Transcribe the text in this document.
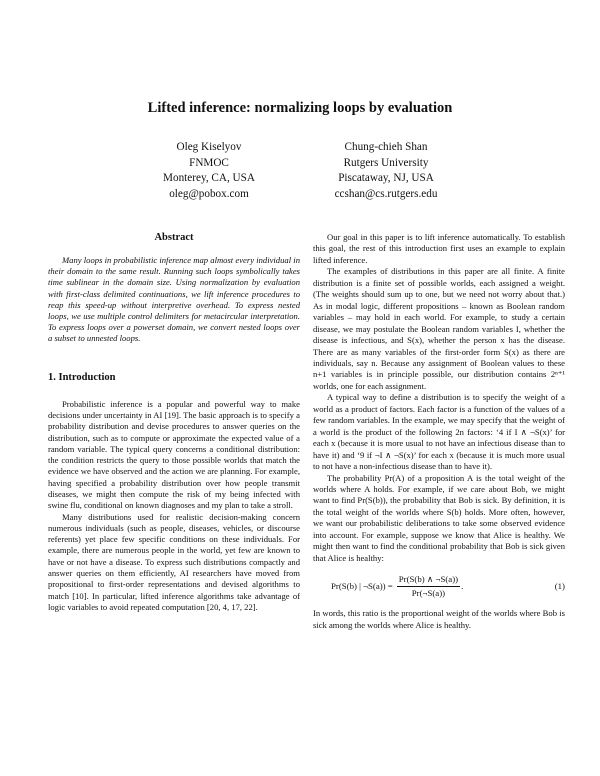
Lifted inference: normalizing loops by evaluation
Oleg Kiselyov
FNMOC
Monterey, CA, USA
oleg@pobox.com
Chung-chieh Shan
Rutgers University
Piscataway, NJ, USA
ccshan@cs.rutgers.edu
Abstract

Many loops in probabilistic inference map almost every individual in their domain to the same result. Running such loops symbolically takes time sublinear in the domain size. Using normalization by evaluation with first-class delimited continuations, we lift inference procedures to reap this speed-up without interpretive overhead. To express nested loops, we use multiple control delimiters for metacircular interpretation. To express loops over a powerset domain, we convert nested loops over a subset to unnested loops.

1. Introduction

Probabilistic inference is a popular and powerful way to make decisions under uncertainty in AI [19]. The basic approach is to specify a probability distribution and devise procedures to answer queries on the distribution, such as to compute or approximate the expected value of a random variable. The typical query concerns a conditional distribution: the condition restricts the query to those possible worlds that match the evidence we have observed and the action we are planning. For example, having specified a probability distribution over how people transmit diseases, we might then compute the risk of my being infected with swine flu, conditional on known diagnoses and my plan to take a stroll.

Many distributions used for realistic decision-making concern numerous individuals (such as people, diseases, vehicles, or discourse referents) yet place few specific conditions on these individuals. For example, there are numerous people in the world, yet few are known to have or not have a disease. To express such distributions compactly and answer queries on them efficiently, AI researchers have moved from propositional to first-order representations and devised algorithms to match [10]. In particular, lifted inference algorithms take advantage of logic variables to avoid repeated computation [20, 4, 17, 22].

Our goal in this paper is to lift inference automatically. To establish this goal, the rest of this introduction first uses an example to explain lifted inference.

The examples of distributions in this paper are all finite. A finite distribution is a finite set of possible worlds, each assigned a weight. (The weights should sum up to one, but we need not worry about that.) As in modal logic, different propositions – known as Boolean random variables – may hold in each world. For example, to study a certain disease, we may postulate the Boolean random variables I, whether the disease is infectious, and S(x), whether the person x has the disease. There are as many variables of the first-order form S(x) as there are individuals, say n. Because any assignment of Boolean values to these n+1 variables is in principle possible, our distribution contains 2ⁿ⁺¹ worlds, one for each assignment.

A typical way to define a distribution is to specify the weight of a world as a product of factors. Each factor is a function of the values of a few random variables. In the example, we may specify that the weight of a world is the product of the following 2n factors: ‘4 if I ∧ ¬S(x)’ for each x (because it is more usual to not have an infectious disease than to have it) and ‘9 if ¬I ∧ ¬S(x)’ for each x (because it is much more usual to not have a non-infectious disease than to have it).

The probability Pr(A) of a proposition A is the total weight of the worlds where A holds. For example, if we care about Bob, we might want to find Pr(S(b)), the probability that Bob is sick. By definition, it is the total weight of the worlds where S(b) holds. More often, however, we want our probabilistic deliberations to take some observed evidence into account. For example, suppose we know that Alice is healthy. We might then want to find the conditional probability that Bob is sick given that Alice is healthy:

Pr(S(b) | ¬S(a)) = $\frac{Pr(S(b) \wedge \neg S(a))}{Pr(\neg S(a))}$ .	(1)

In words, this ratio is the proportional weight of the worlds where Bob is sick among the worlds where Alice is healthy.
